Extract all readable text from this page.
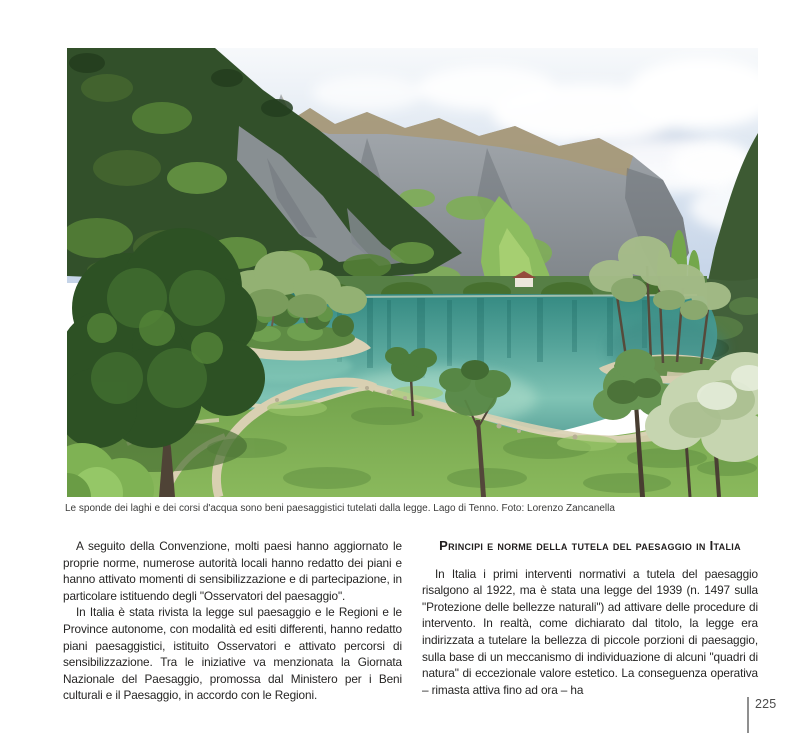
Le sponde dei laghi e dei corsi d'acqua sono beni paesaggistici tutelati dalla legge. Lago di Tenno. Foto: Lorenzo Zancanella

A seguito della Convenzione, molti paesi hanno aggiornato le proprie norme, numerose autorità locali hanno redatto dei piani e hanno attivato momenti di sensibilizzazione e di partecipazione, in particolare istituendo degli "Osservatori del paesaggio".

In Italia è stata rivista la legge sul paesaggio e le Regioni e le Province autonome, con modalità ed esiti differenti, hanno redatto piani paesaggistici, istituito Osservatori e attivato percorsi di sensibilizzazione. Tra le iniziative va menzionata la Giornata Nazionale del Paesaggio, promossa dal Ministero per i Beni culturali e il Paesaggio, in accordo con le Regioni.

Principi e norme della tutela del paesaggio in Italia

In Italia i primi interventi normativi a tutela del paesaggio risalgono al 1922, ma è stata una legge del 1939 (n. 1497 sulla "Protezione delle bellezze naturali") ad attivare delle procedure di intervento. In realtà, come dichiarato dal titolo, la legge era indirizzata a tutelare la bellezza di piccole porzioni di paesaggio, sulla base di un meccanismo di individuazione di alcuni "quadri di natura" di eccezionale valore estetico. La conseguenza operativa – rimasta attiva fino ad ora – ha

225
